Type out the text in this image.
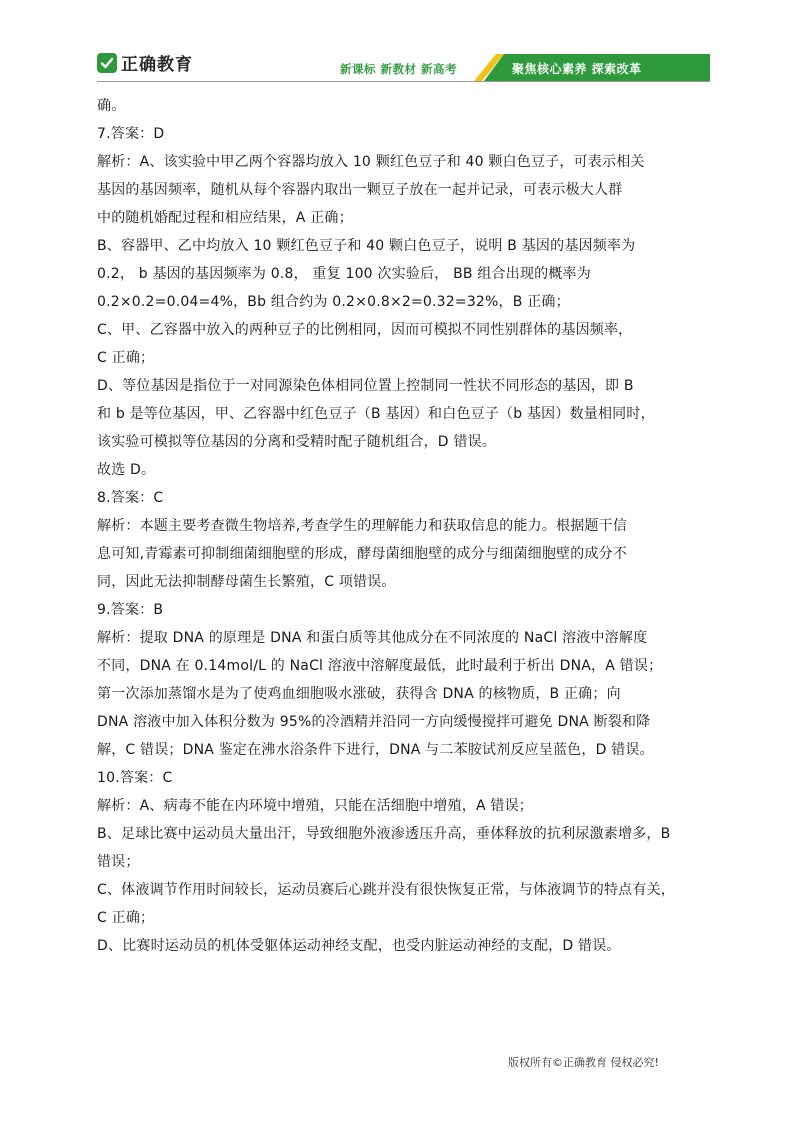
正确教育	新课标 新教材 新高考	聚焦核心素养 探索改革
确。
7.答案：D
解析：A、该实验中甲乙两个容器均放入 10 颗红色豆子和 40 颗白色豆子，可表示相关
基因的基因频率，随机从每个容器内取出一颗豆子放在一起并记录，可表示极大人群
中的随机婚配过程和相应结果，A 正确；
B、容器甲、乙中均放入 10 颗红色豆子和 40 颗白色豆子，说明 B 基因的基因频率为
0.2， b 基因的基因频率为 0.8， 重复 100 次实验后， BB 组合出现的概率为
0.2×0.2=0.04=4%，Bb 组合约为 0.2×0.8×2=0.32=32%，B 正确；
C、甲、乙容器中放入的两种豆子的比例相同，因而可模拟不同性别群体的基因频率，
C 正确；
D、等位基因是指位于一对同源染色体相同位置上控制同一性状不同形态的基因，即 B
和 b 是等位基因，甲、乙容器中红色豆子（B 基因）和白色豆子（b 基因）数量相同时，
该实验可模拟等位基因的分离和受精时配子随机组合，D 错误。
故选 D。
8.答案：C
解析：本题主要考查微生物培养,考查学生的理解能力和获取信息的能力。根据题干信
息可知,青霉素可抑制细菌细胞壁的形成，酵母菌细胞壁的成分与细菌细胞壁的成分不
同，因此无法抑制酵母菌生长繁殖，C 项错误。
9.答案：B
解析：提取 DNA 的原理是 DNA 和蛋白质等其他成分在不同浓度的 NaCl 溶液中溶解度
不同，DNA 在 0.14mol/L 的 NaCl 溶液中溶解度最低，此时最利于析出 DNA，A 错误；
第一次添加蒸馏水是为了使鸡血细胞吸水涨破，获得含 DNA 的核物质，B 正确；向
DNA 溶液中加入体积分数为 95%的冷酒精并沿同一方向缓慢搅拌可避免 DNA 断裂和降
解，C 错误；DNA 鉴定在沸水浴条件下进行，DNA 与二苯胺试剂反应呈蓝色，D 错误。
10.答案：C
解析：A、病毒不能在内环境中增殖，只能在活细胞中增殖，A 错误；
B、足球比赛中运动员大量出汗，导致细胞外液渗透压升高，垂体释放的抗利尿激素增多，B
错误；
C、体液调节作用时间较长，运动员赛后心跳并没有很快恢复正常，与体液调节的特点有关，
C 正确；
D、比赛时运动员的机体受躯体运动神经支配，也受内脏运动神经的支配，D 错误。
版权所有©正确教育 侵权必究!
